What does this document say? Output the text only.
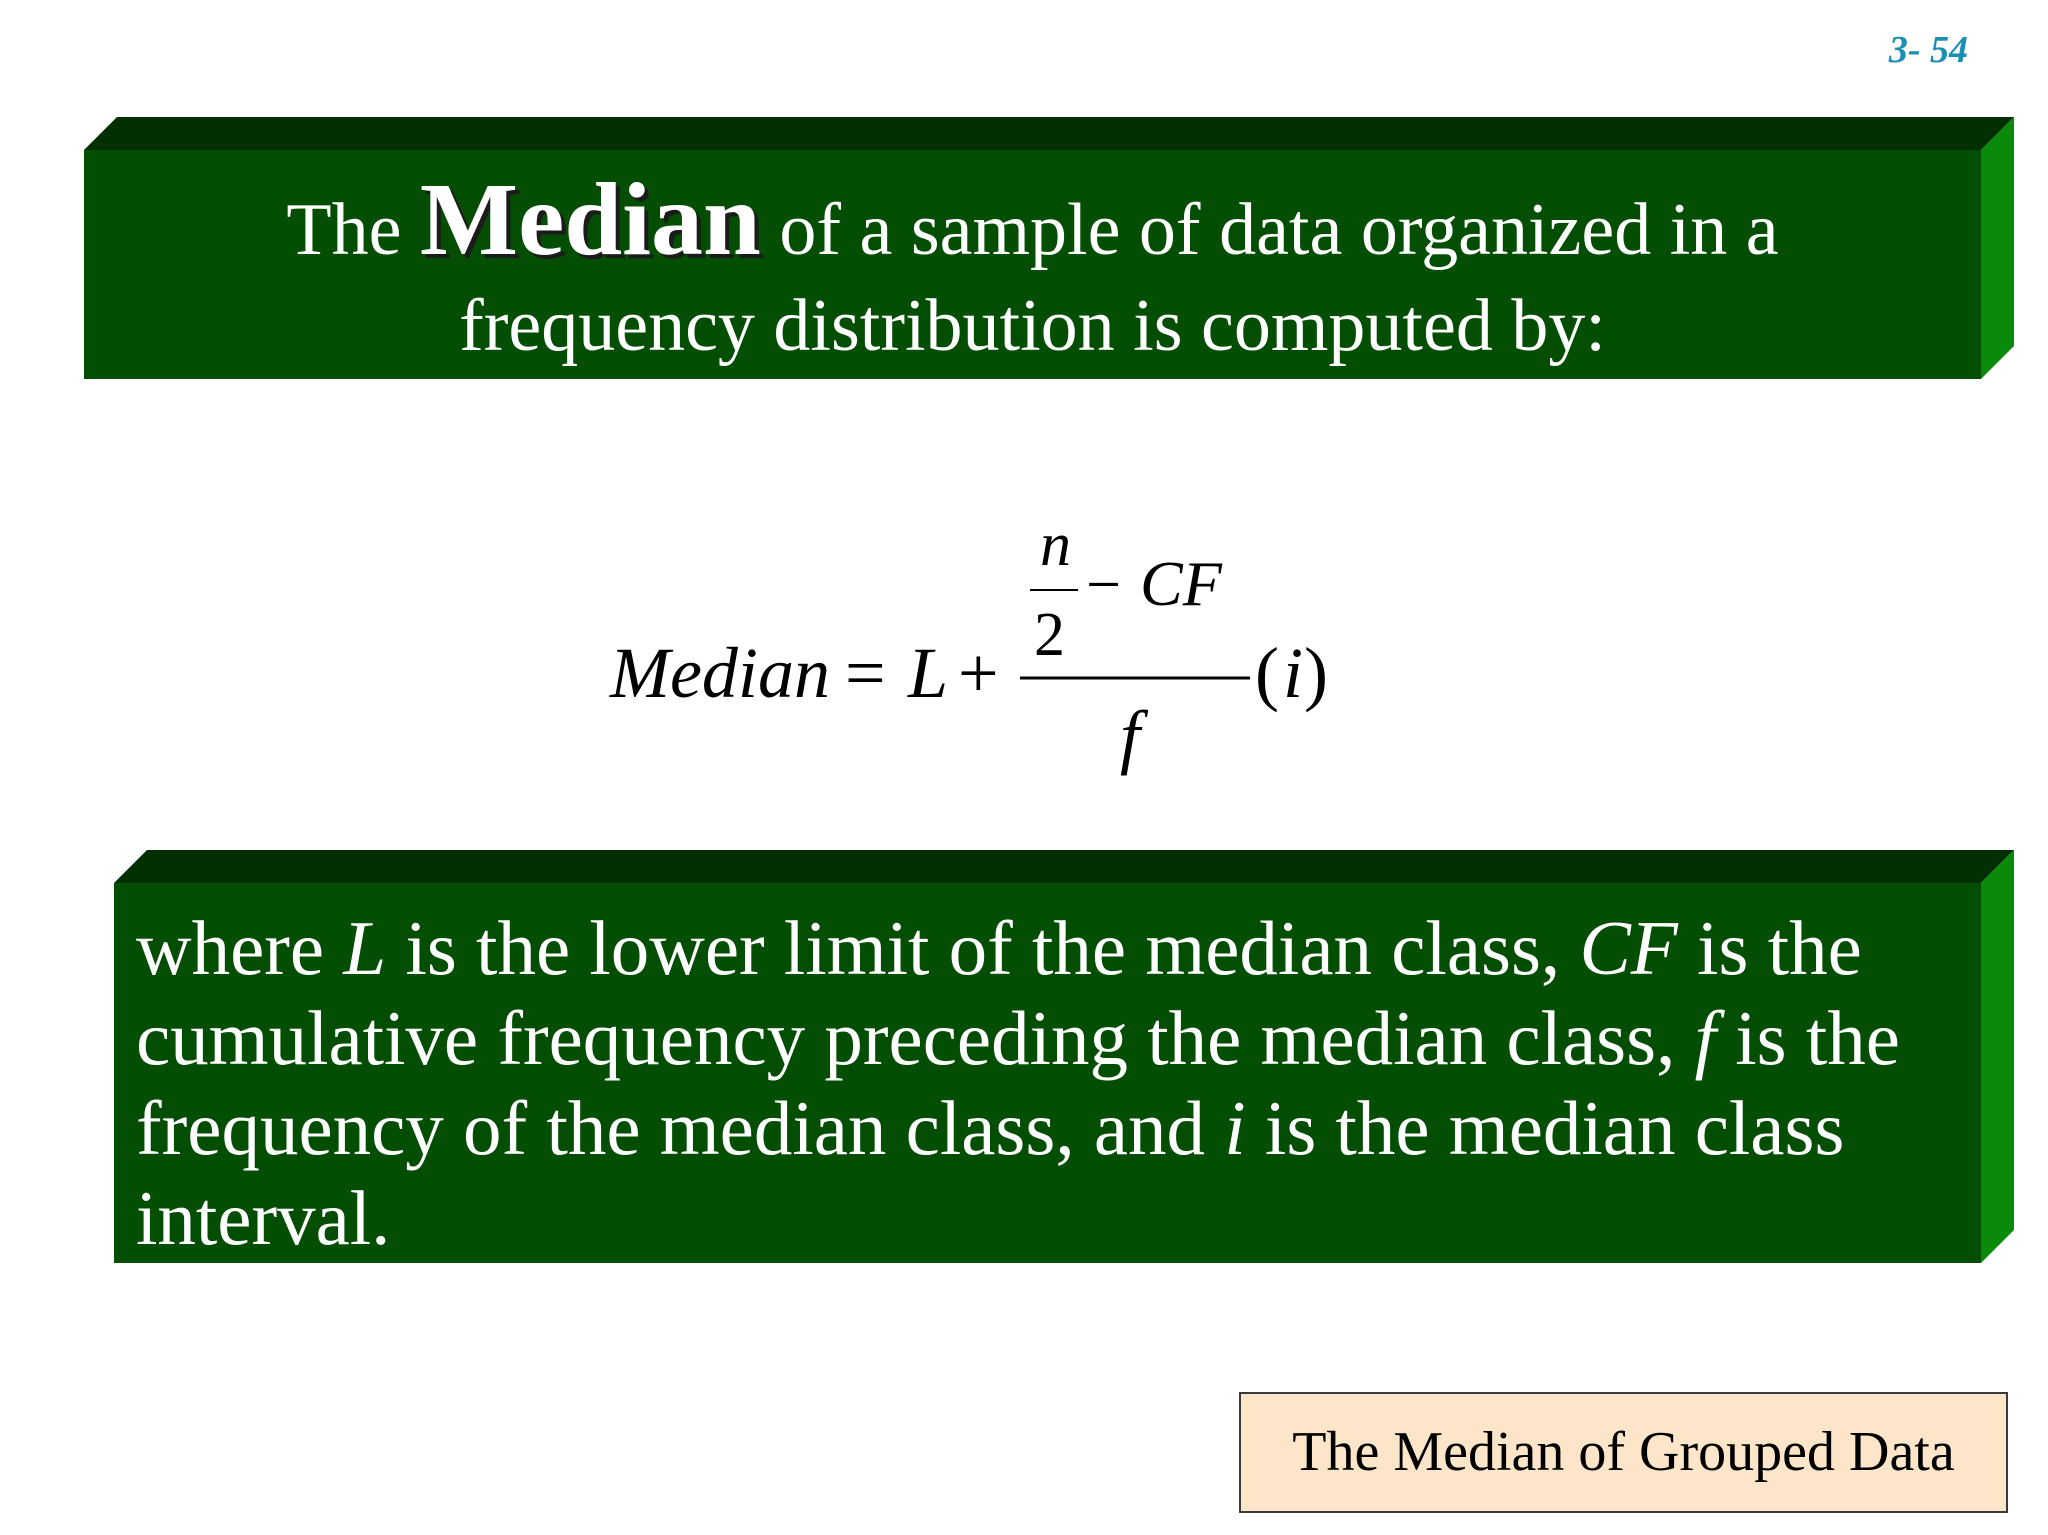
3- 54
The Median of a sample of data organized in a
frequency distribution is computed by:
Median = L +
n
2
− CF
f
( i )
where L is the lower limit of the median class, CF is the cumulative frequency preceding the median class, f is the frequency of the median class, and i is the median class interval.
The Median of Grouped Data
